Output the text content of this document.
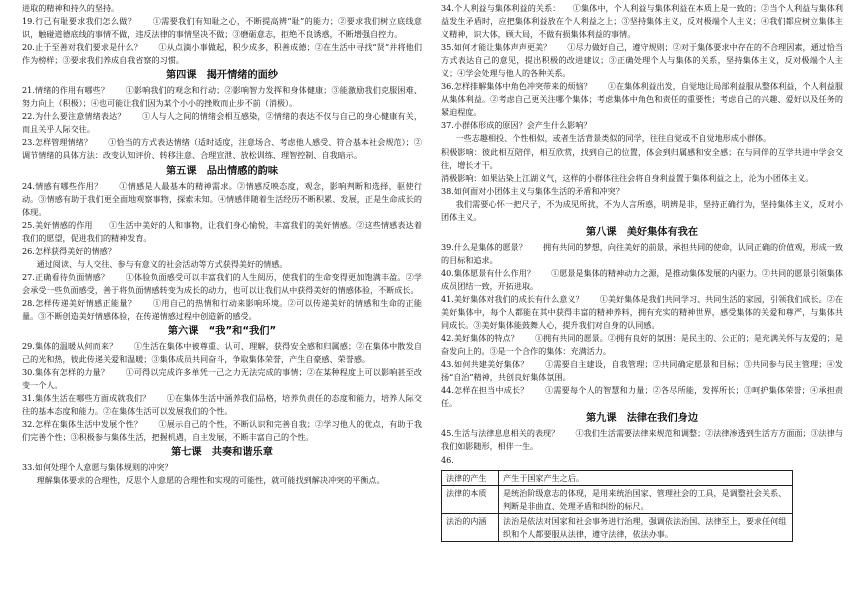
进取的精神和持久的坚持。

19.行己有耻要求我们怎么做？　　①需要我们有知耻之心，不断提高辨“耻”的能力；②要求我们树立底线意识，触碰道德底线的事情不做，违反法律的事情坚决不做；③磨砺意志，拒绝不良诱惑，不断增强自控力。

20.止于至善对我们要求是什么？　　①从点滴小事做起，积少成多，积善成德；②在生活中寻找“贤”并将他们作为榜样；③要求我们养成自我省察的习惯。

第四课　揭开情绪的面纱

21.情绪的作用有哪些？　　①影响我们的观念和行动；②影响智力发挥和身体健康；③能激励我们克服困难、努力向上（积极）；④也可能让我们因为某个小小的挫败而止步不前（消极）。

22.为什么要注意情绪表达？　　①人与人之间的情绪会相互感染，②情绪的表达不仅与自己的身心健康有关，而且关乎人际交往。

23.怎样管理情绪？　　①恰当的方式表达情绪（适时适度，注意场合、考虑他人感受、符合基本社会规范）；②调节情绪的具体方法：改变认知评价、转移注意、合理宣泄、放松训练、理智控制、自我暗示。

第五课　品出情感的韵味

24.情感有哪些作用？　　①情感是人最基本的精神需求。②情感反映态度，观念，影响判断和选择，驱使行动。③情感有助于我们更全面地观察事物，探索未知。④情感伴随着生活经历不断积累、发展，正是生命成长的体现。

25.美好情感的作用　　①生活中美好的人和事物，让我们身心愉悦，丰富我们的美好情感。②这些情感表达着我们的愿望，促进我们的精神发育。

26.怎样获得美好的情感？

通过阅读、与人交往、参与有意义的社会活动等方式获得美好的情感。

27.正确看待负面情感？　　①体验负面感受可以丰富我们的人生阅历，使我们的生命变得更加饱满丰盈。②学会承受一些负面感受，善于将负面情感转变为成长的动力，也可以让我们从中获得美好的情感体验，不断成长。

28.怎样传递美好情感正能量？　　①用自己的热情和行动来影响环境。②可以传递美好的情感和生命的正能量。③不断创造美好情感体验，在传递情感过程中创造新的感受。

第六课　“我”和“我们”

29.集体的温暖从何而来？　　①生活在集体中被尊重、认可、理解，获得安全感和归属感；②在集体中散发自己的光和热，彼此传递关爱和温暖；③集体成员共同奋斗，争取集体荣誉，产生自豪感、荣誉感。

30.集体有怎样的力量？　　①可得以完成许多单凭一己之力无法完成的事情；②在某种程度上可以影响甚至改变一个人。

31.集体生活在哪些方面成就我们？　　①在集体生活中涵养我们品格，培养负责任的态度和能力，培养人际交往的基本态度和能力。②在集体生活可以发展我们的个性。

32.怎样在集体生活中发展个性？　　①展示自己的个性，不断认识和完善自我；②学习他人的优点，有助于我们完善个性；③积极参与集体生活，把握机遇，自主发展，不断丰富自己的个性。

第七课　共奏和谐乐章

33.如何处理个人意愿与集体规则的冲突？

理解集体要求的合理性，反思个人意愿的合理性和实现的可能性，就可能找到解决冲突的平衡点。

34.个人利益与集体利益的关系：　　①集体中，个人利益与集体利益在本质上是一致的；②当个人利益与集体利益发生矛盾时，应把集体利益放在个人利益之上；③坚持集体主义，反对极端个人主义；④我们都应树立集体主义精神，识大体，顾大局，不做有损集体利益的事情。

35.如何才能让集体声声更美？　　①尽力做好自己，遵守规则；②对于集体要求中存在的不合理因素，通过恰当方式表达自己的意见，提出积极的改进建议；③正确处理个人与集体的关系，坚持集体主义，反对极端个人主义；④学会处理与他人的各种关系。

36.怎样排解集体中角色冲突带来的烦恼？　　①在集体利益出发，自觉地让局部利益服从整体利益，个人利益服从集体利益。②考虑自己更关注哪个集体；考虑集体中角色和责任的重要性；考虑自己的兴趣、爱好以及任务的紧迫程度。

37.小群体形成的原因？会产生什么影响？

一些志趣相投、个性相似，或者生活背景类似的同学，往往自觉或不自觉地形成小群体。

积极影响：彼此相互陪伴，相互欣赏，找到自己的位置，体会到归属感和安全感；在与同伴的互学共进中学会交往，增长才干。

消极影响：如果沾染上江湖义气，这样的小群体往往会将自身利益置于集体利益之上，沦为小团体主义。

38.如何面对小团体主义与集体生活的矛盾和冲突？

我们需要心怀一把尺子，不为成见所扰，不为人言所惑，明辨是非，坚持正确行为，坚持集体主义，反对小团体主义。

第八课　美好集体有我在

39.什么是集体的愿景？　　拥有共同的梦想，向往美好的前景，承担共同的使命，认同正确的价值观，形成一致的目标和追求。

40.集体愿景有什么作用？　　①愿景是集体的精神动力之源，是推动集体发展的内驱力。②共同的愿景引领集体成员团结一致，开拓进取。

41.美好集体对我们的成长有什么意义？　　①美好集体是我们共同学习、共同生活的家园，引领我们成长。②在美好集体中，每个人都能在其中获得丰富的精神养料，拥有充实的精神世界，感受集体的关爱和尊严，与集体共同成长。③美好集体能鼓舞人心，提升我们对自身的认同感。

42.美好集体的特点？　　①拥有共同的愿景。②拥有良好的氛围：是民主的、公正的；是充满关怀与友爱的；是奋发向上的。③是一个合作的集体：充满活力。

43.如何共建美好集体？　　①需要自主建设，自我管理；②共同确定愿景和目标；③共同参与民主管理；④发扬“自治”精神，共创良好集体氛围。

44.怎样在担当中成长？　　①需要每个人的智慧和力量；②各尽所能，发挥所长；③呵护集体荣誉；④承担责任。

第九课　法律在我们身边

45.生活与法律息息相关的表现？　　①我们生活需要法律来规范和调整；②法律渗透到生活方方面面；③法律与我们如影随形，相伴一生。

46.

法律的产生	产生于国家产生之后。
法律的本质	是统治阶级意志的体现，是用来统治国家、管理社会的工具，是调整社会关系、判断是非曲直、处理矛盾和纠纷的标尺。
法治的内涵	法治是依法对国家和社会事务进行治理，强调依法治国、法律至上，要求任何组织和个人都要服从法律，遵守法律，依法办事。
